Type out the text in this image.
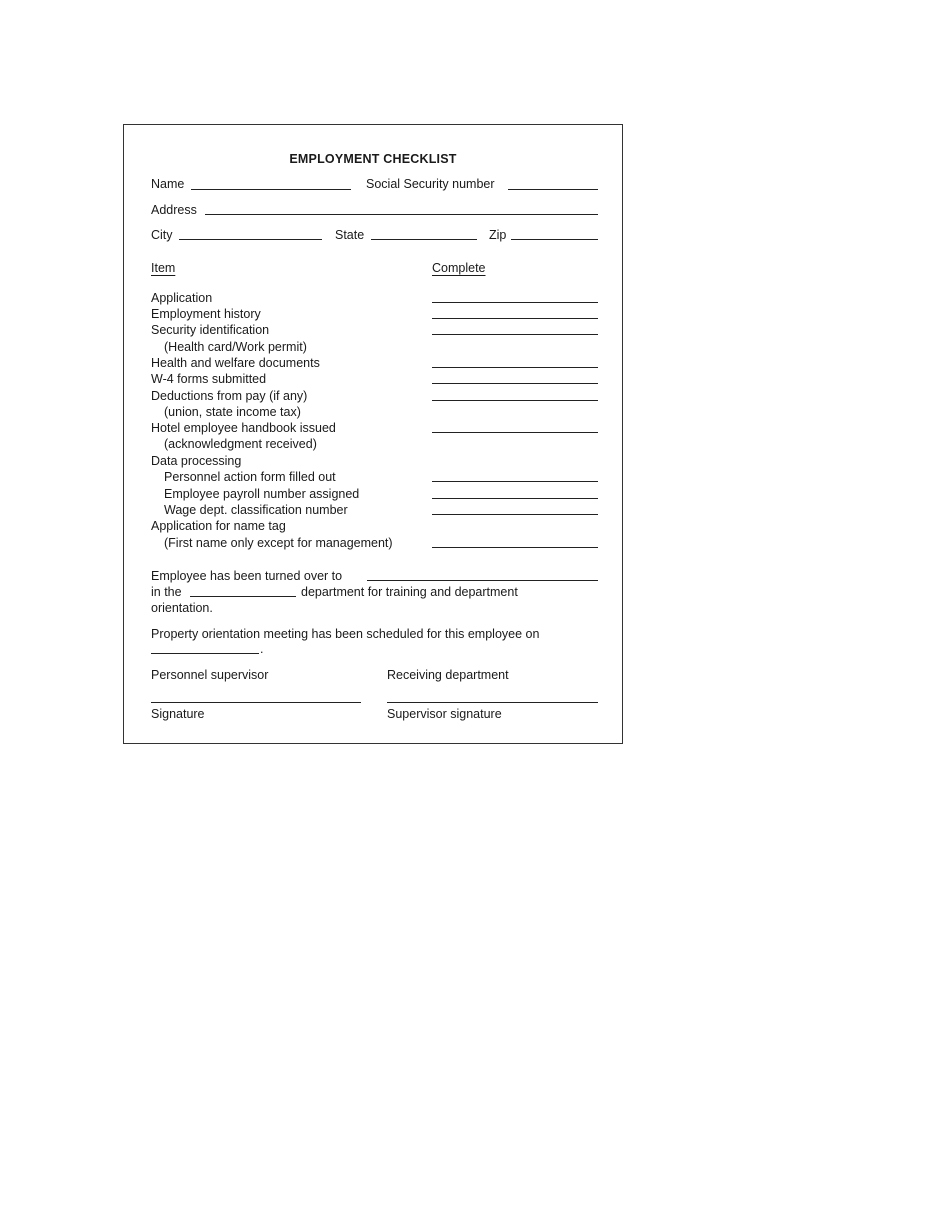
EMPLOYMENT CHECKLIST
Name	Social Security number
Address
City	State	Zip
Item	Complete
Application
Employment history
Security identification
(Health card/Work permit)
Health and welfare documents
W-4 forms submitted
Deductions from pay (if any)
(union, state income tax)
Hotel employee handbook issued
(acknowledgment received)
Data processing
Personnel action form filled out
Employee payroll number assigned
Wage dept. classification number
Application for name tag
(First name only except for management)
Employee has been turned over to
in the	department for training and department
orientation.
Property orientation meeting has been scheduled for this employee on
.
Personnel supervisor	Receiving department
Signature	Supervisor signature
